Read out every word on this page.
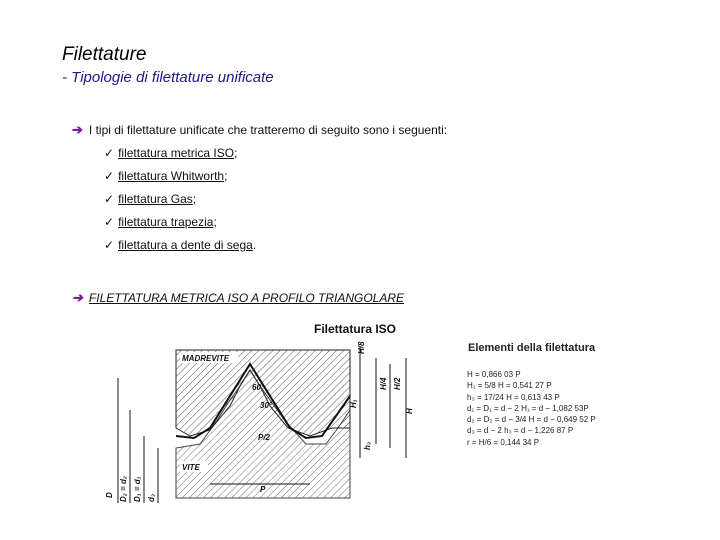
Filettature
- Tipologie di filettature unificate
➔ I tipi di filettature unificate che tratteremo di seguito sono i seguenti:
✓ filettatura metrica ISO ;
✓ filettatura Whitworth ;
✓ filettatura Gas ;
✓ filettatura trapezia ;
✓ filettatura a dente di sega .
➔ FILETTATURA METRICA ISO A PROFILO TRIANGOLARE
Filettatura ISO
MADREVITE
VITE
60°
30°
P/2
P
D D₂ = d₂ D₁ = d₁ d₃
H/8
H₁
H/4 H/2
H
h₃
Elementi della filettatura
H = 0,866 03 P
H₁ = 5/8 H = 0,541 27 P
h₃ = 17/24 H = 0,613 43 P
d₁ = D₁ = d − 2 H₁ = d − 1,082 53P
d₂ = D₂ = d − 3/4 H = d − 0,649 52 P
d₃ = d − 2 h₃ = d − 1,226 87 P
r = H/6 = 0,144 34 P
